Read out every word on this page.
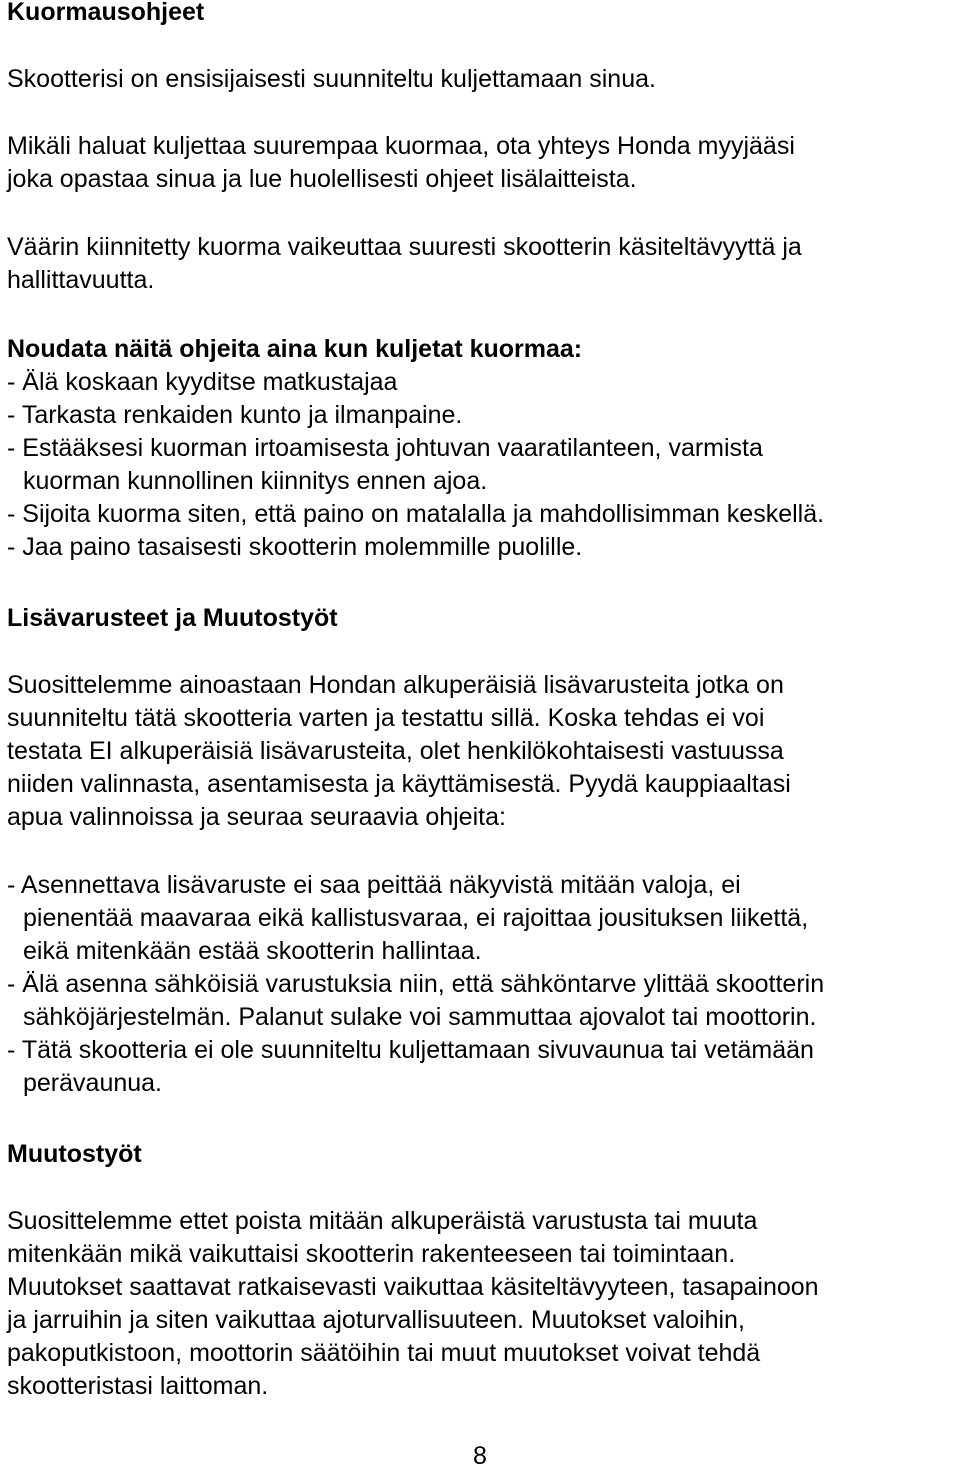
Kuormausohjeet
Skootterisi on ensisijaisesti suunniteltu kuljettamaan sinua.
Mikäli haluat kuljettaa suurempaa kuormaa, ota yhteys Honda myyjääsi
joka opastaa sinua ja lue huolellisesti ohjeet lisälaitteista.
Väärin kiinnitetty kuorma vaikeuttaa suuresti skootterin käsiteltävyyttä ja
hallittavuutta.
Noudata näitä ohjeita aina kun kuljetat kuormaa:
- Älä koskaan kyyditse matkustajaa
- Tarkasta renkaiden kunto ja ilmanpaine.
- Estääksesi kuorman irtoamisesta johtuvan vaaratilanteen, varmista
kuorman kunnollinen kiinnitys ennen ajoa.
- Sijoita kuorma siten, että paino on matalalla ja mahdollisimman keskellä.
- Jaa paino tasaisesti skootterin molemmille puolille.
Lisävarusteet ja Muutostyöt
Suosittelemme ainoastaan Hondan alkuperäisiä lisävarusteita jotka on
suunniteltu tätä skootteria varten ja testattu sillä. Koska tehdas ei voi
testata EI alkuperäisiä lisävarusteita, olet henkilökohtaisesti vastuussa
niiden valinnasta, asentamisesta ja käyttämisestä. Pyydä kauppiaaltasi
apua valinnoissa ja seuraa seuraavia ohjeita:
- Asennettava lisävaruste ei saa peittää näkyvistä mitään valoja, ei
pienentää maavaraa eikä kallistusvaraa, ei rajoittaa jousituksen liikettä,
eikä mitenkään estää skootterin hallintaa.
- Älä asenna sähköisiä varustuksia niin, että sähköntarve ylittää skootterin
sähköjärjestelmän. Palanut sulake voi sammuttaa ajovalot tai moottorin.
- Tätä skootteria ei ole suunniteltu kuljettamaan sivuvaunua tai vetämään
perävaunua.
Muutostyöt
Suosittelemme ettet poista mitään alkuperäistä varustusta tai muuta
mitenkään mikä vaikuttaisi skootterin rakenteeseen tai toimintaan.
Muutokset saattavat ratkaisevasti vaikuttaa käsiteltävyyteen, tasapainoon
ja jarruihin ja siten vaikuttaa ajoturvallisuuteen. Muutokset valoihin,
pakoputkistoon, moottorin säätöihin tai muut muutokset voivat tehdä
skootteristasi laittoman.
8
